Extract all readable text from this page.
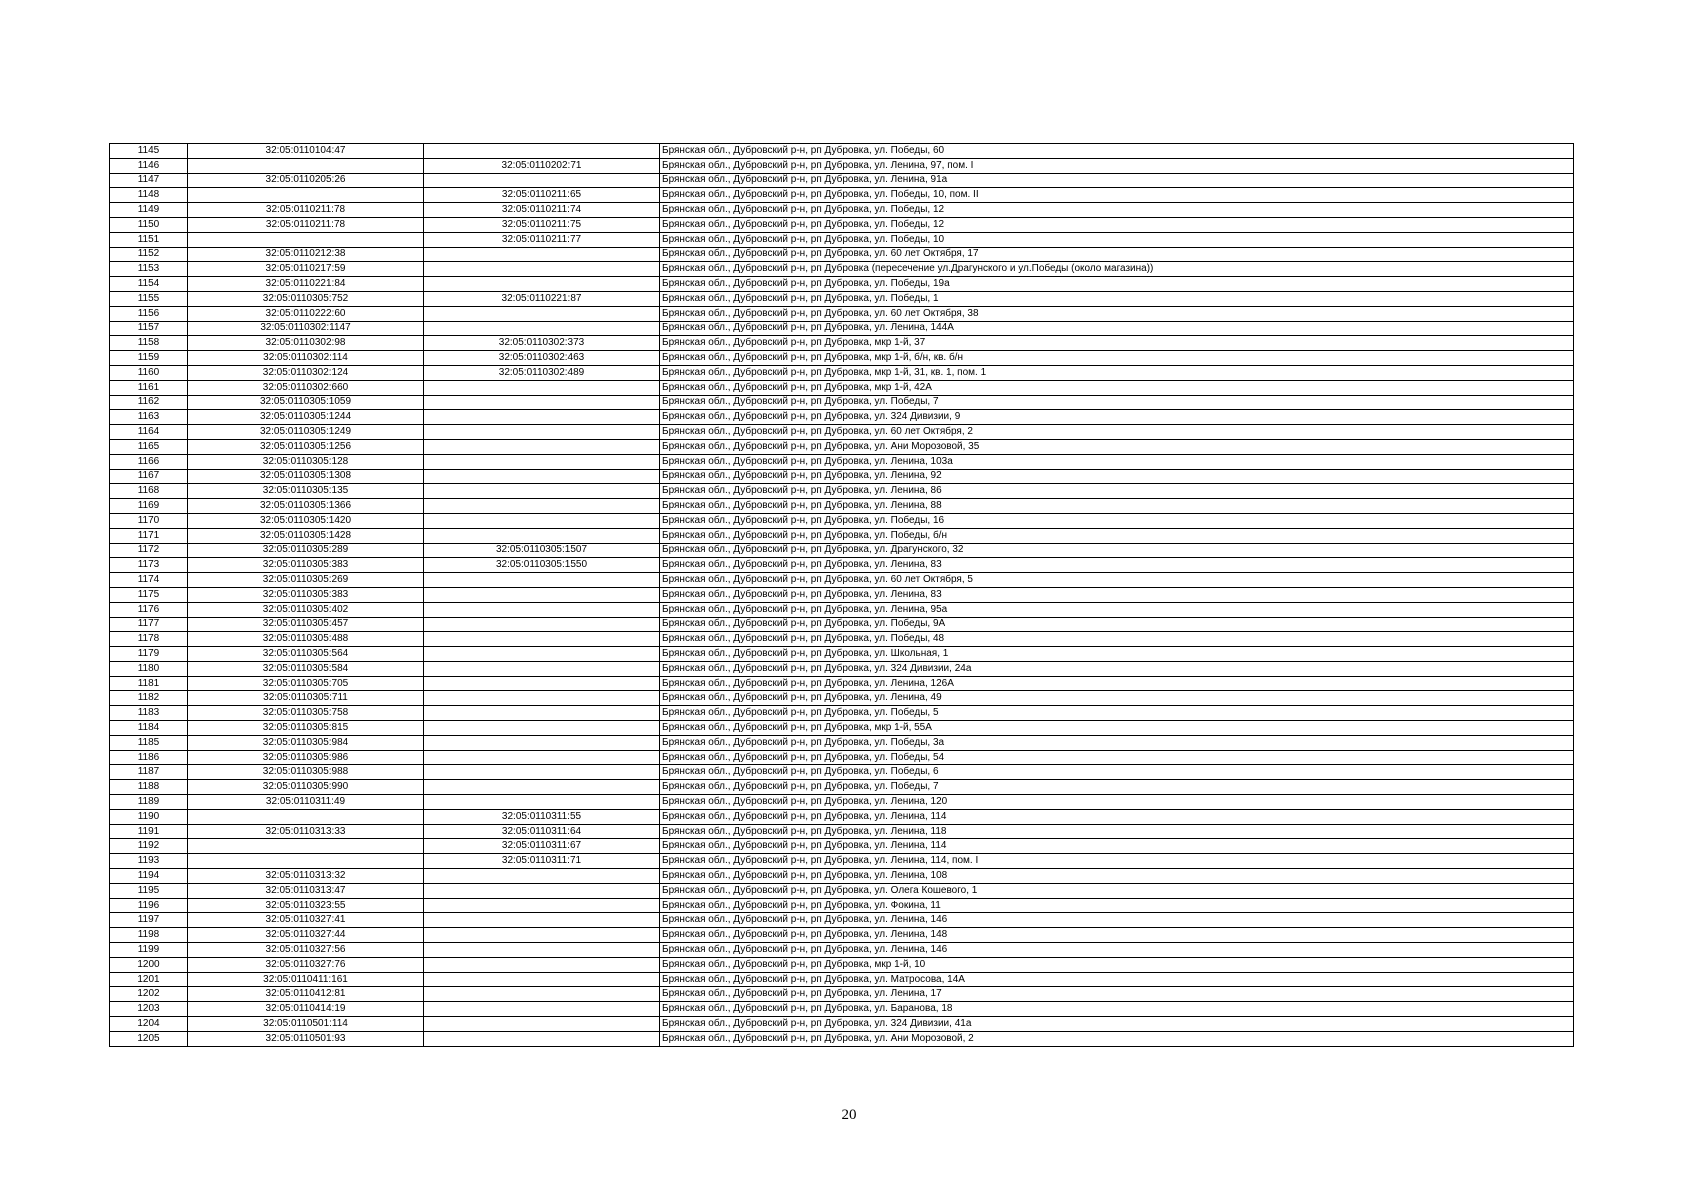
1145	32:05:0110104:47		Брянская обл., Дубровский р-н, рп Дубровка, ул. Победы, 60
1146		32:05:0110202:71	Брянская обл., Дубровский р-н, рп Дубровка, ул. Ленина, 97, пом. I
1147	32:05:0110205:26		Брянская обл., Дубровский р-н, рп Дубровка, ул. Ленина, 91а
1148		32:05:0110211:65	Брянская обл., Дубровский р-н, рп Дубровка, ул. Победы, 10, пом. II
1149	32:05:0110211:78	32:05:0110211:74	Брянская обл., Дубровский р-н, рп Дубровка, ул. Победы, 12
1150	32:05:0110211:78	32:05:0110211:75	Брянская обл., Дубровский р-н, рп Дубровка, ул. Победы, 12
1151		32:05:0110211:77	Брянская обл., Дубровский р-н, рп Дубровка, ул. Победы, 10
1152	32:05:0110212:38		Брянская обл., Дубровский р-н, рп Дубровка, ул. 60 лет Октября, 17
1153	32:05:0110217:59		Брянская обл., Дубровский р-н, рп Дубровка (пересечение ул.Драгунского и ул.Победы (около магазина))
1154	32:05:0110221:84		Брянская обл., Дубровский р-н, рп Дубровка, ул. Победы, 19а
1155	32:05:0110305:752	32:05:0110221:87	Брянская обл., Дубровский р-н, рп Дубровка, ул. Победы, 1
1156	32:05:0110222:60		Брянская обл., Дубровский р-н, рп Дубровка, ул. 60 лет Октября, 38
1157	32:05:0110302:1147		Брянская обл., Дубровский р-н, рп Дубровка, ул. Ленина, 144А
1158	32:05:0110302:98	32:05:0110302:373	Брянская обл., Дубровский р-н, рп Дубровка, мкр 1-й, 37
1159	32:05:0110302:114	32:05:0110302:463	Брянская обл., Дубровский р-н, рп Дубровка, мкр 1-й, б/н, кв. б/н
1160	32:05:0110302:124	32:05:0110302:489	Брянская обл., Дубровский р-н, рп Дубровка, мкр 1-й, 31, кв. 1, пом. 1
1161	32:05:0110302:660		Брянская обл., Дубровский р-н, рп Дубровка, мкр 1-й, 42А
1162	32:05:0110305:1059		Брянская обл., Дубровский р-н, рп Дубровка, ул. Победы, 7
1163	32:05:0110305:1244		Брянская обл., Дубровский р-н, рп Дубровка, ул. 324 Дивизии, 9
1164	32:05:0110305:1249		Брянская обл., Дубровский р-н, рп Дубровка, ул. 60 лет Октября, 2
1165	32:05:0110305:1256		Брянская обл., Дубровский р-н, рп Дубровка, ул. Ани Морозовой, 35
1166	32:05:0110305:128		Брянская обл., Дубровский р-н, рп Дубровка, ул. Ленина, 103а
1167	32:05:0110305:1308		Брянская обл., Дубровский р-н, рп Дубровка, ул. Ленина, 92
1168	32:05:0110305:135		Брянская обл., Дубровский р-н, рп Дубровка, ул. Ленина, 86
1169	32:05:0110305:1366		Брянская обл., Дубровский р-н, рп Дубровка, ул. Ленина, 88
1170	32:05:0110305:1420		Брянская обл., Дубровский р-н, рп Дубровка, ул. Победы, 16
1171	32:05:0110305:1428		Брянская обл., Дубровский р-н, рп Дубровка, ул. Победы, б/н
1172	32:05:0110305:289	32:05:0110305:1507	Брянская обл., Дубровский р-н, рп Дубровка, ул. Драгунского, 32
1173	32:05:0110305:383	32:05:0110305:1550	Брянская обл., Дубровский р-н, рп Дубровка, ул. Ленина, 83
1174	32:05:0110305:269		Брянская обл., Дубровский р-н, рп Дубровка, ул. 60 лет Октября, 5
1175	32:05:0110305:383		Брянская обл., Дубровский р-н, рп Дубровка, ул. Ленина, 83
1176	32:05:0110305:402		Брянская обл., Дубровский р-н, рп Дубровка, ул. Ленина, 95а
1177	32:05:0110305:457		Брянская обл., Дубровский р-н, рп Дубровка, ул. Победы, 9А
1178	32:05:0110305:488		Брянская обл., Дубровский р-н, рп Дубровка, ул. Победы, 48
1179	32:05:0110305:564		Брянская обл., Дубровский р-н, рп Дубровка, ул. Школьная, 1
1180	32:05:0110305:584		Брянская обл., Дубровский р-н, рп Дубровка, ул. 324 Дивизии, 24а
1181	32:05:0110305:705		Брянская обл., Дубровский р-н, рп Дубровка, ул. Ленина, 126А
1182	32:05:0110305:711		Брянская обл., Дубровский р-н, рп Дубровка, ул. Ленина, 49
1183	32:05:0110305:758		Брянская обл., Дубровский р-н, рп Дубровка, ул. Победы, 5
1184	32:05:0110305:815		Брянская обл., Дубровский р-н, рп Дубровка, мкр 1-й, 55А
1185	32:05:0110305:984		Брянская обл., Дубровский р-н, рп Дубровка, ул. Победы, 3а
1186	32:05:0110305:986		Брянская обл., Дубровский р-н, рп Дубровка, ул. Победы, 54
1187	32:05:0110305:988		Брянская обл., Дубровский р-н, рп Дубровка, ул. Победы, 6
1188	32:05:0110305:990		Брянская обл., Дубровский р-н, рп Дубровка, ул. Победы, 7
1189	32:05:0110311:49		Брянская обл., Дубровский р-н, рп Дубровка, ул. Ленина, 120
1190		32:05:0110311:55	Брянская обл., Дубровский р-н, рп Дубровка, ул. Ленина, 114
1191	32:05:0110313:33	32:05:0110311:64	Брянская обл., Дубровский р-н, рп Дубровка, ул. Ленина, 118
1192		32:05:0110311:67	Брянская обл., Дубровский р-н, рп Дубровка, ул. Ленина, 114
1193		32:05:0110311:71	Брянская обл., Дубровский р-н, рп Дубровка, ул. Ленина, 114, пом. I
1194	32:05:0110313:32		Брянская обл., Дубровский р-н, рп Дубровка, ул. Ленина, 108
1195	32:05:0110313:47		Брянская обл., Дубровский р-н, рп Дубровка, ул. Олега Кошевого, 1
1196	32:05:0110323:55		Брянская обл., Дубровский р-н, рп Дубровка, ул. Фокина, 11
1197	32:05:0110327:41		Брянская обл., Дубровский р-н, рп Дубровка, ул. Ленина, 146
1198	32:05:0110327:44		Брянская обл., Дубровский р-н, рп Дубровка, ул. Ленина, 148
1199	32:05:0110327:56		Брянская обл., Дубровский р-н, рп Дубровка, ул. Ленина, 146
1200	32:05:0110327:76		Брянская обл., Дубровский р-н, рп Дубровка, мкр 1-й, 10
1201	32:05:0110411:161		Брянская обл., Дубровский р-н, рп Дубровка, ул. Матросова, 14А
1202	32:05:0110412:81		Брянская обл., Дубровский р-н, рп Дубровка, ул. Ленина, 17
1203	32:05:0110414:19		Брянская обл., Дубровский р-н, рп Дубровка, ул. Баранова, 18
1204	32:05:0110501:114		Брянская обл., Дубровский р-н, рп Дубровка, ул. 324 Дивизии, 41а
1205	32:05:0110501:93		Брянская обл., Дубровский р-н, рп Дубровка, ул. Ани Морозовой, 2
20
